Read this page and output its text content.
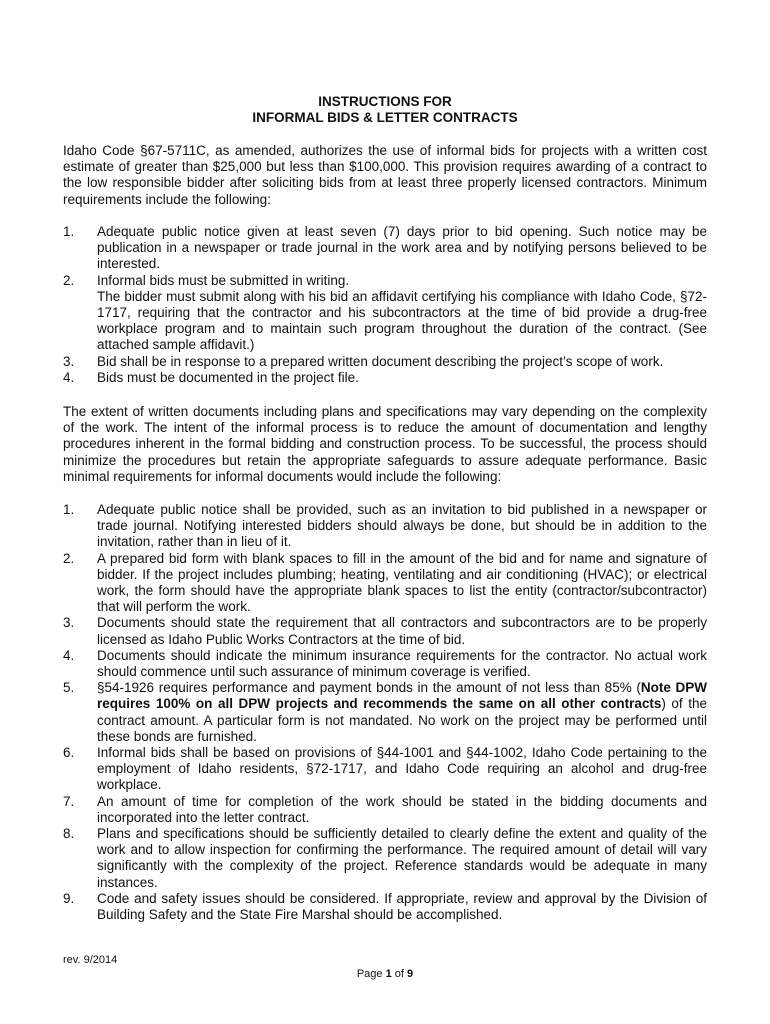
INSTRUCTIONS FOR
INFORMAL BIDS & LETTER CONTRACTS

Idaho Code §67-5711C, as amended, authorizes the use of informal bids for projects with a written cost estimate of greater than $25,000 but less than $100,000. This provision requires awarding of a contract to the low responsible bidder after soliciting bids from at least three properly licensed contractors. Minimum requirements include the following:

1. Adequate public notice given at least seven (7) days prior to bid opening. Such notice may be publication in a newspaper or trade journal in the work area and by notifying persons believed to be interested.
2. Informal bids must be submitted in writing.
The bidder must submit along with his bid an affidavit certifying his compliance with Idaho Code, §72-1717, requiring that the contractor and his subcontractors at the time of bid provide a drug-free workplace program and to maintain such program throughout the duration of the contract. (See attached sample affidavit.)
3. Bid shall be in response to a prepared written document describing the project’s scope of work.
4. Bids must be documented in the project file.

The extent of written documents including plans and specifications may vary depending on the complexity of the work. The intent of the informal process is to reduce the amount of documentation and lengthy procedures inherent in the formal bidding and construction process. To be successful, the process should minimize the procedures but retain the appropriate safeguards to assure adequate performance. Basic minimal requirements for informal documents would include the following:

1. Adequate public notice shall be provided, such as an invitation to bid published in a newspaper or trade journal. Notifying interested bidders should always be done, but should be in addition to the invitation, rather than in lieu of it.
2. A prepared bid form with blank spaces to fill in the amount of the bid and for name and signature of bidder. If the project includes plumbing; heating, ventilating and air conditioning (HVAC); or electrical work, the form should have the appropriate blank spaces to list the entity (contractor/subcontractor) that will perform the work.
3. Documents should state the requirement that all contractors and subcontractors are to be properly licensed as Idaho Public Works Contractors at the time of bid.
4. Documents should indicate the minimum insurance requirements for the contractor. No actual work should commence until such assurance of minimum coverage is verified.
5. §54-1926 requires performance and payment bonds in the amount of not less than 85% (Note DPW requires 100% on all DPW projects and recommends the same on all other contracts) of the contract amount. A particular form is not mandated. No work on the project may be performed until these bonds are furnished.
6. Informal bids shall be based on provisions of §44-1001 and §44-1002, Idaho Code pertaining to the employment of Idaho residents, §72-1717, and Idaho Code requiring an alcohol and drug-free workplace.
7. An amount of time for completion of the work should be stated in the bidding documents and incorporated into the letter contract.
8. Plans and specifications should be sufficiently detailed to clearly define the extent and quality of the work and to allow inspection for confirming the performance. The required amount of detail will vary significantly with the complexity of the project. Reference standards would be adequate in many instances.
9. Code and safety issues should be considered. If appropriate, review and approval by the Division of Building Safety and the State Fire Marshal should be accomplished.
rev. 9/2014
Page 1 of 9
